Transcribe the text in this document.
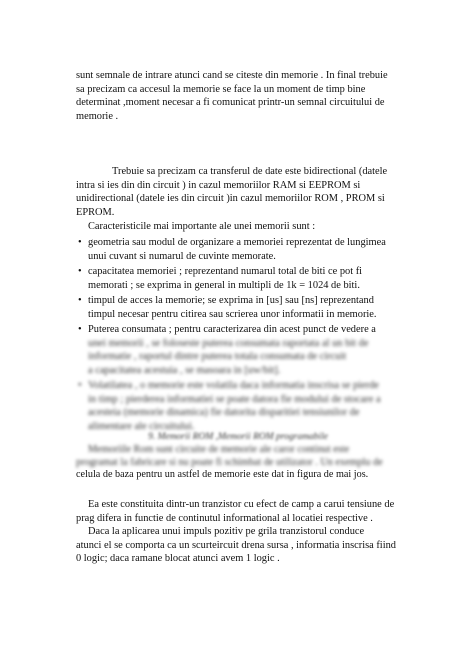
sunt semnale de intrare atunci cand se citeste din memorie . In final trebuie

sa precizam ca accesul la memorie se face la un moment de timp bine

determinat ,moment necesar a fi comunicat printr-un semnal circuitului de

memorie .

Trebuie sa precizam ca transferul de date este bidirectional (datele

intra si ies din din circuit ) in cazul memoriilor RAM si EEPROM si

unidirectional (datele ies din circuit )in cazul memoriilor ROM , PROM si

EPROM.

Caracteristicile mai importante ale unei memorii sunt :

• geometria sau modul de organizare a memoriei reprezentat de lungimea

unui cuvant si numarul de cuvinte memorate.

• capacitatea memoriei ; reprezentand numarul total de biti ce pot fi

memorati ; se exprima in general in multipli de 1k = 1024 de biti.

• timpul de acces la memorie; se exprima in [us] sau [ns] reprezentand

timpul necesar pentru citirea sau scrierea unor informatii in memorie.

• Puterea consumata ; pentru caracterizarea din acest punct de vedere a

unei memorii , se foloseste puterea consumata raportata al un bit de

informatie , raportul dintre puterea totala consumata de circuit

a capacitatea acestuia , se masoara in [uw/bit].

• Volatilatea , o memorie este volatila daca informatia inscrisa se pierde

in timp ; pierderea informatiei se poate datora fie modului de stocare a

acesteia (memorie dinamica) fie datorita disparitiei tensiunilor de

alimentare ale circuitului.

9. Memorii ROM ,Memorii ROM programabile

Memoriile Rom sunt circuite de memorie ale caror continut este

programat la fabricare si nu poate fi schimbat de utilizator . Un exemplu de

celula de baza pentru un astfel de memorie este dat in figura de mai jos.

Ea este constituita dintr-un tranzistor cu efect de camp a carui tensiune de

prag difera in functie de continutul informational al locatiei respective .

Daca la aplicarea unui impuls pozitiv pe grila tranzistorul conduce

atunci el se comporta ca un scurteircuit drena sursa , informatia inscrisa fiind

0 logic; daca ramane blocat atunci avem 1 logic .
